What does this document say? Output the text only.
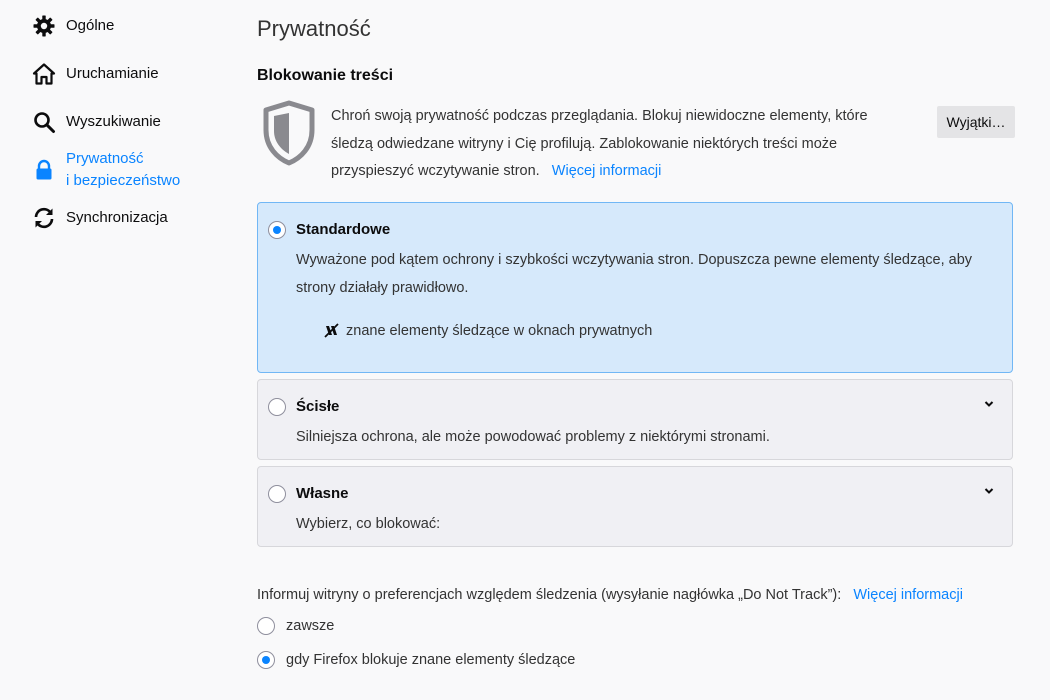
Ogólne
Uruchamianie
Wyszukiwanie
Prywatność
i bezpieczeństwo
Synchronizacja
Prywatność
Blokowanie treści
Chroń swoją prywatność podczas przeglądania. Blokuj niewidoczne elementy, które śledzą odwiedzane witryny i Cię profilują. Zablokowanie niektórych treści może przyspieszyć wczytywanie stron. Więcej informacji
Wyjątki…
Standardowe
Wyważone pod kątem ochrony i szybkości wczytywania stron. Dopuszcza pewne elementy śledzące, aby strony działały prawidłowo.
znane elementy śledzące w oknach prywatnych
Ścisłe
Silniejsza ochrona, ale może powodować problemy z niektórymi stronami.
Własne
Wybierz, co blokować:
Informuj witryny o preferencjach względem śledzenia (wysyłanie nagłówka „Do Not Track”): Więcej informacji
zawsze
gdy Firefox blokuje znane elementy śledzące
